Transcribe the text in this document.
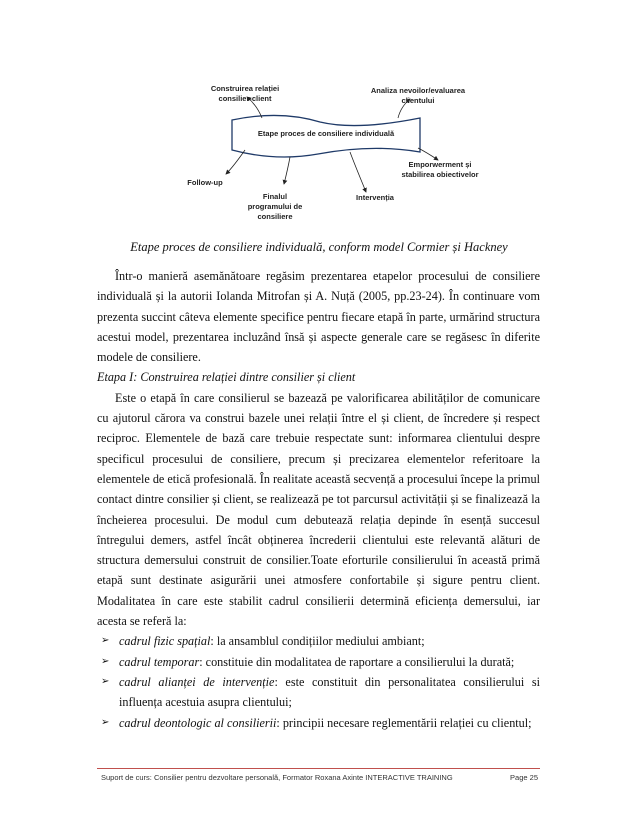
Construirea relației
consilier-client
Analiza nevoilor/evaluarea
clientului
Etape proces de consiliere individuală
Emporwerment și
stabilirea obiectivelor
Follow-up
Finalul
programului de
consiliere
Intervenția
Etape proces de consiliere individuală, conform model Cormier și Hackney

Într-o manieră asemănătoare regăsim prezentarea etapelor procesului de consiliere individuală și la autorii Iolanda Mitrofan și A. Nuță (2005, pp.23-24). În continuare vom prezenta succint câteva elemente specifice pentru fiecare etapă în parte, urmărind structura acestui model, prezentarea incluzând însă și aspecte generale care se regăsesc în diferite modele de consiliere.

Etapa I: Construirea relației dintre consilier și client

Este o etapă în care consilierul se bazează pe valorificarea abilităților de comunicare cu ajutorul cărora va construi bazele unei relații între el și client, de încredere și respect reciproc. Elementele de bază care trebuie respectate sunt: informarea clientului despre specificul procesului de consiliere, precum și precizarea elementelor referitoare la elementele de etică profesională. În realitate această secvență a procesului începe la primul contact dintre consilier și client, se realizează pe tot parcursul activității și se finalizează la încheierea procesului. De modul cum debutează relația depinde în esență succesul întregului demers, astfel încât obținerea încrederii clientului este relevantă alături de structura demersului construit de consilier.Toate eforturile consilierului în această primă etapă sunt destinate asigurării unei atmosfere confortabile și sigure pentru client. Modalitatea în care este stabilit cadrul consilierii determină eficiența demersului, iar acesta se referă la:

➢ cadrul fizic spațial: la ansamblul condițiilor mediului ambiant;
➢ cadrul temporar: constituie din modalitatea de raportare a consilierului la durată;
➢ cadrul alianței de intervenție: este constituit din personalitatea consilierului si influența acestuia asupra clientului;
➢ cadrul deontologic al consilierii: principii necesare reglementării relației cu clientul;
Suport de curs: Consilier pentru dezvoltare personală, Formator Roxana Axinte INTERACTIVE TRAINING	Page 25
